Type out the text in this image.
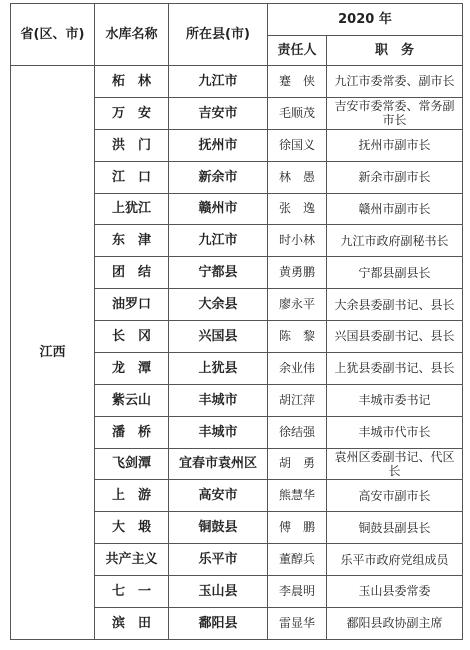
省(区、市)	水库名称	所在县(市)	2020 年	
			责任人	职　务
江西	柘　林	九江市	蹇　侠	九江市委常委、副市长
	万　安	吉安市	毛顺茂	吉安市委常委、常务副市长
	洪　门	抚州市	徐国义	抚州市副市长
	江　口	新余市	林　愚	新余市副市长
	上犹江	赣州市	张　逸	赣州市副市长
	东　津	九江市	时小林	九江市政府副秘书长
	团　结	宁都县	黄勇鹏	宁都县副县长
	油罗口	大余县	廖永平	大余县委副书记、县长
	长　冈	兴国县	陈　黎	兴国县委副书记、县长
	龙　潭	上犹县	余业伟	上犹县委副书记、县长
	紫云山	丰城市	胡江萍	丰城市委书记
	潘　桥	丰城市	徐结强	丰城市代市长
	飞剑潭	宜春市袁州区	胡　勇	袁州区委副书记、代区长
	上　游	高安市	熊慧华	高安市副市长
	大　塅	铜鼓县	傅　鹏	铜鼓县副县长
	共产主义	乐平市	董醇兵	乐平市政府党组成员
	七　一	玉山县	李晨明	玉山县委常委
	滨　田	鄱阳县	雷显华	鄱阳县政协副主席
